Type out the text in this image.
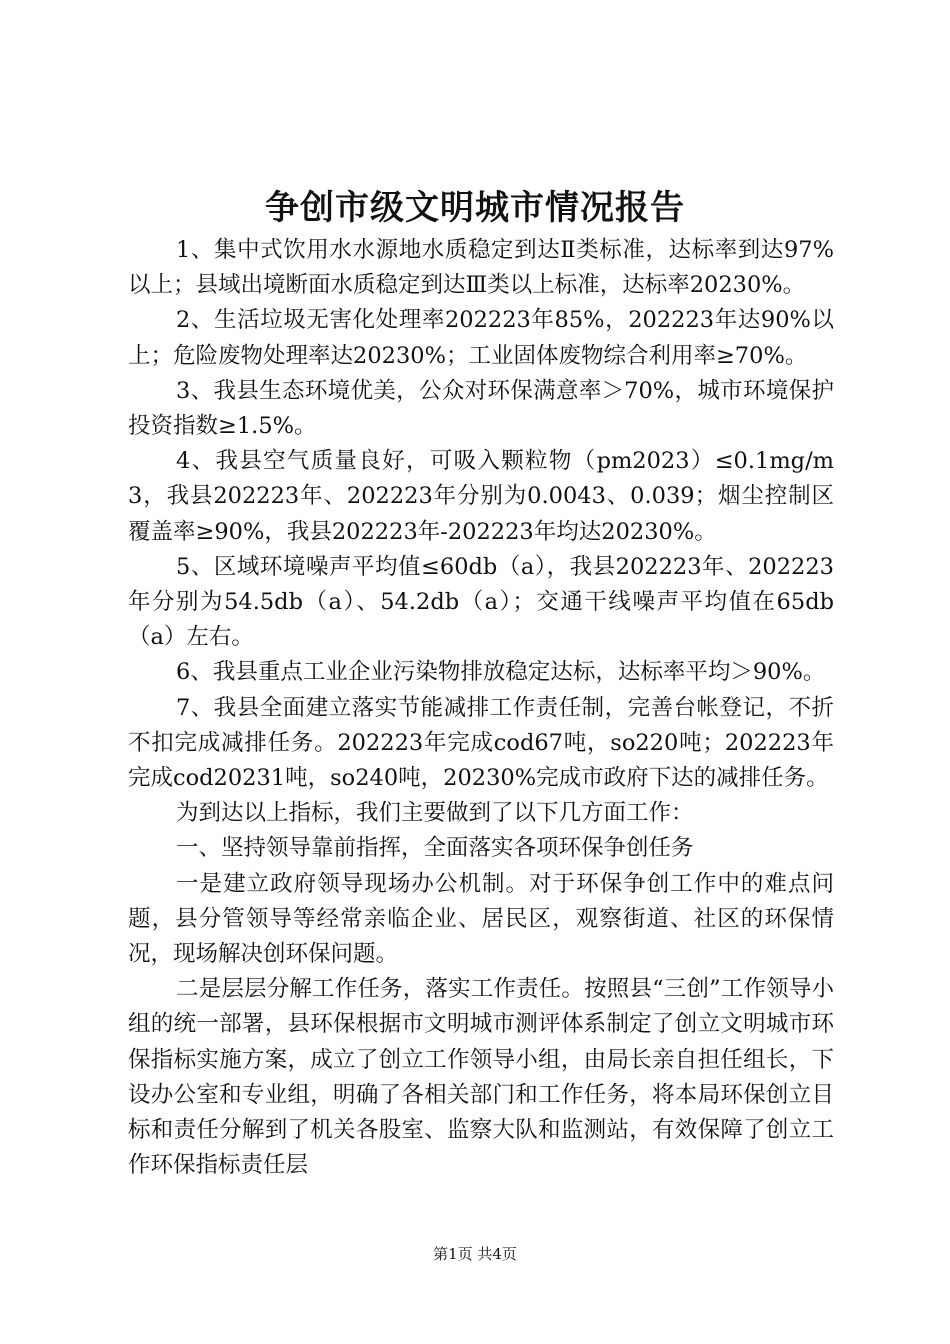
争创市级文明城市情况报告

1、集中式饮用水水源地水质稳定到达Ⅱ类标准，达标率到达97%以上；县域出境断面水质稳定到达Ⅲ类以上标准，达标率20230%。

2、生活垃圾无害化处理率202223年85%，202223年达90%以上；危险废物处理率达20230%；工业固体废物综合利用率≥70%。

3、我县生态环境优美，公众对环保满意率＞70%，城市环境保护投资指数≥1.5%。

4、我县空气质量良好，可吸入颗粒物（pm2023）≤0.1mg/m3，我县202223年、202223年分别为0.0043、0.039；烟尘控制区覆盖率≥90%，我县202223年-202223年均达20230%。

5、区域环境噪声平均值≤60db（a），我县202223年、202223年分别为54.5db（a）、54.2db（a）；交通干线噪声平均值在65db（a）左右。

6、我县重点工业企业污染物排放稳定达标，达标率平均＞90%。

7、我县全面建立落实节能减排工作责任制，完善台帐登记，不折不扣完成减排任务。202223年完成cod67吨，so220吨；202223年完成cod20231吨，so240吨，20230%完成市政府下达的减排任务。

为到达以上指标，我们主要做到了以下几方面工作：

一、坚持领导靠前指挥，全面落实各项环保争创任务

一是建立政府领导现场办公机制。对于环保争创工作中的难点问题，县分管领导等经常亲临企业、居民区，观察街道、社区的环保情况，现场解决创环保问题。

二是层层分解工作任务，落实工作责任。按照县“三创”工作领导小组的统一部署，县环保根据市文明城市测评体系制定了创立文明城市环保指标实施方案，成立了创立工作领导小组，由局长亲自担任组长，下设办公室和专业组，明确了各相关部门和工作任务，将本局环保创立目标和责任分解到了机关各股室、监察大队和监测站，有效保障了创立工作环保指标责任层

第1页 共4页
